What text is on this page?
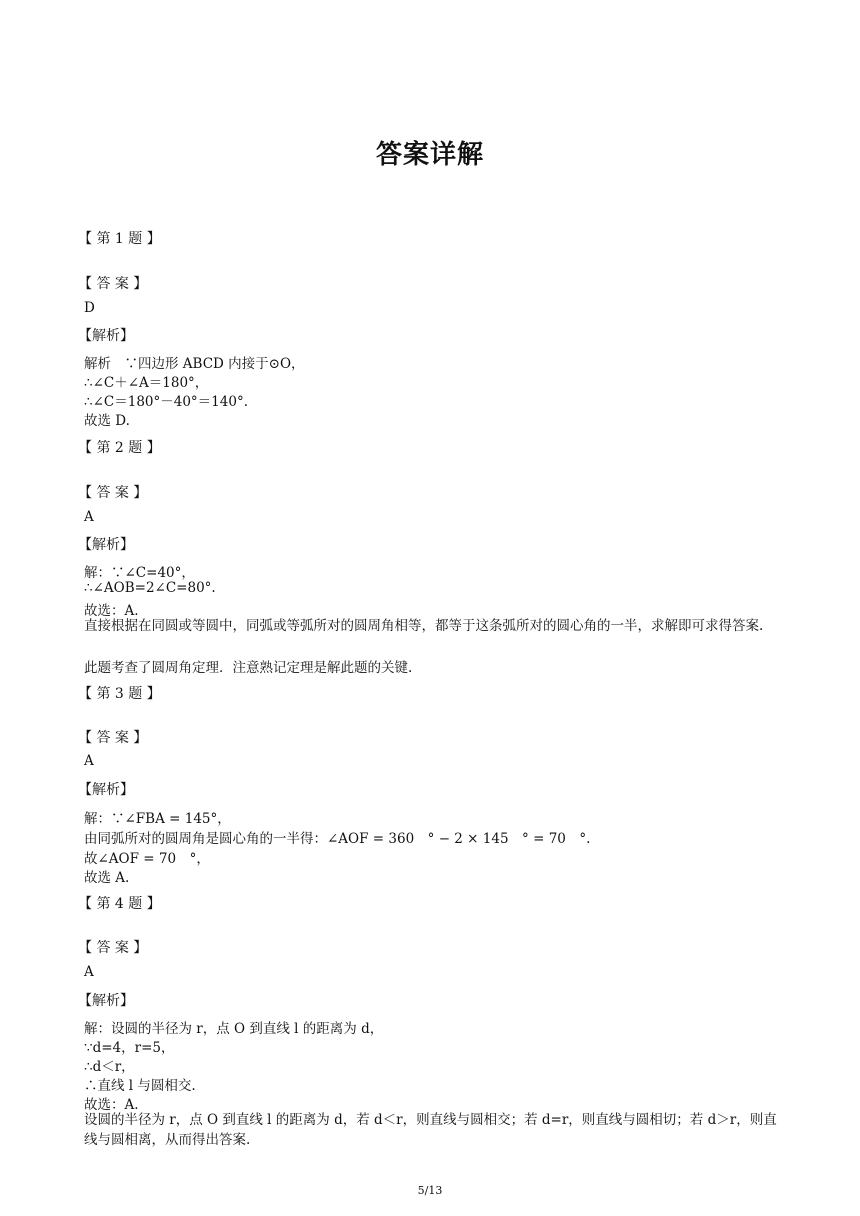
答案详解
【 第 1 题 】
【 答 案 】
D
【解析】
解析　∵四边形 ABCD 内接于⊙O，
∴∠C＋∠A＝180°，
∴∠C＝180°－40°＝140°.
故选 D.
【 第 2 题 】
【 答 案 】
A
【解析】
解：∵∠C=40°，
∴∠AOB=2∠C=80°.
故选：A.
直接根据在同圆或等圆中，同弧或等弧所对的圆周角相等，都等于这条弧所对的圆心角的一半，求解即可求得答案.
此题考查了圆周角定理．注意熟记定理是解此题的关键.
【 第 3 题 】
【 答 案 】
A
【解析】
解：∵∠FBA = 145°，
由同弧所对的圆周角是圆心角的一半得：∠AOF = 360　° − 2 × 145　° = 70　°.
故∠AOF = 70　°，
故选 A.
【 第 4 题 】
【 答 案 】
A
【解析】
解：设圆的半径为 r，点 O 到直线 l 的距离为 d，
∵d=4，r=5，
∴d＜r，
∴直线 l 与圆相交.
故选：A.
设圆的半径为 r，点 O 到直线 l 的距离为 d，若 d＜r，则直线与圆相交；若 d=r，则直线与圆相切；若 d＞r，则直线与圆相离，从而得出答案.
5/13
